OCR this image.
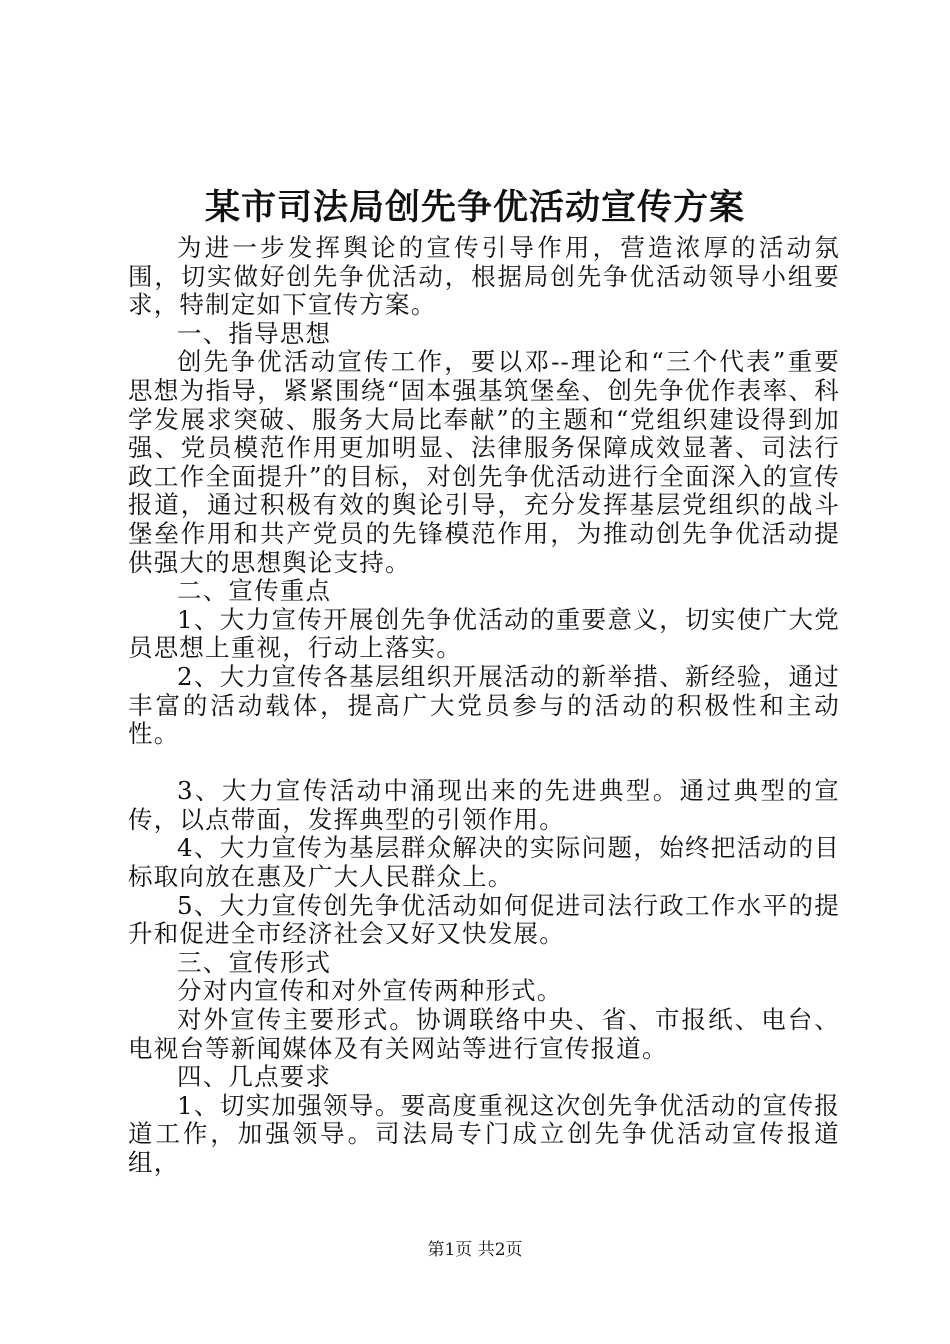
某市司法局创先争优活动宣传方案

为进一步发挥舆论的宣传引导作用，营造浓厚的活动氛围，切实做好创先争优活动，根据局创先争优活动领导小组要求，特制定如下宣传方案。

一、指导思想

创先争优活动宣传工作，要以邓--理论和“三个代表”重要思想为指导，紧紧围绕“固本强基筑堡垒、创先争优作表率、科学发展求突破、服务大局比奉献”的主题和“党组织建设得到加强、党员模范作用更加明显、法律服务保障成效显著、司法行政工作全面提升”的目标，对创先争优活动进行全面深入的宣传报道，通过积极有效的舆论引导，充分发挥基层党组织的战斗堡垒作用和共产党员的先锋模范作用，为推动创先争优活动提供强大的思想舆论支持。

二、宣传重点

1、大力宣传开展创先争优活动的重要意义，切实使广大党员思想上重视，行动上落实。

2、大力宣传各基层组织开展活动的新举措、新经验，通过丰富的活动载体，提高广大党员参与的活动的积极性和主动性。

3、大力宣传活动中涌现出来的先进典型。通过典型的宣传，以点带面，发挥典型的引领作用。

4、大力宣传为基层群众解决的实际问题，始终把活动的目标取向放在惠及广大人民群众上。

5、大力宣传创先争优活动如何促进司法行政工作水平的提升和促进全市经济社会又好又快发展。

三、宣传形式

分对内宣传和对外宣传两种形式。

对外宣传主要形式。协调联络中央、省、市报纸、电台、电视台等新闻媒体及有关网站等进行宣传报道。

四、几点要求

1、切实加强领导。要高度重视这次创先争优活动的宣传报道工作，加强领导。司法局专门成立创先争优活动宣传报道组，

第1页 共2页
